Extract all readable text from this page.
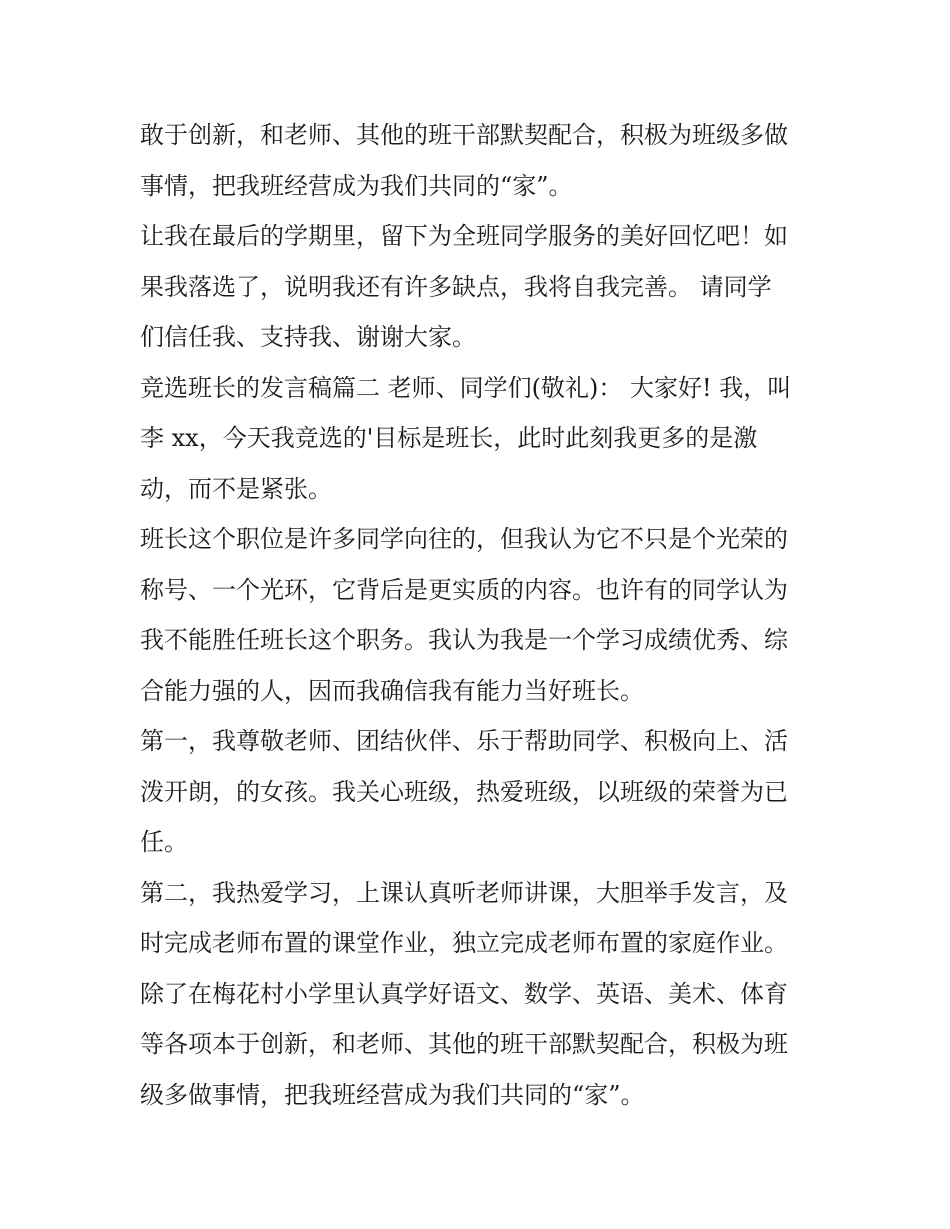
敢于创新，和老师、其他的班干部默契配合，积极为班级多做
事情，把我班经营成为我们共同的“家”。
让我在最后的学期里，留下为全班同学服务的美好回忆吧！如
果我落选了，说明我还有许多缺点，我将自我完善。 请同学
们信任我、支持我、谢谢大家。
竞选班长的发言稿篇二 老师、同学们(敬礼)： 大家好! 我，叫
李 xx，今天我竞选的'目标是班长，此时此刻我更多的是激
动，而不是紧张。
班长这个职位是许多同学向往的，但我认为它不只是个光荣的
称号、一个光环，它背后是更实质的内容。也许有的同学认为
我不能胜任班长这个职务。我认为我是一个学习成绩优秀、综
合能力强的人，因而我确信我有能力当好班长。
第一，我尊敬老师、团结伙伴、乐于帮助同学、积极向上、活
泼开朗，的女孩。我关心班级，热爱班级，以班级的荣誉为已
任。
第二，我热爱学习，上课认真听老师讲课，大胆举手发言，及
时完成老师布置的课堂作业，独立完成老师布置的家庭作业。
除了在梅花村小学里认真学好语文、数学、英语、美术、体育
等各项本于创新，和老师、其他的班干部默契配合，积极为班
级多做事情，把我班经营成为我们共同的“家”。
